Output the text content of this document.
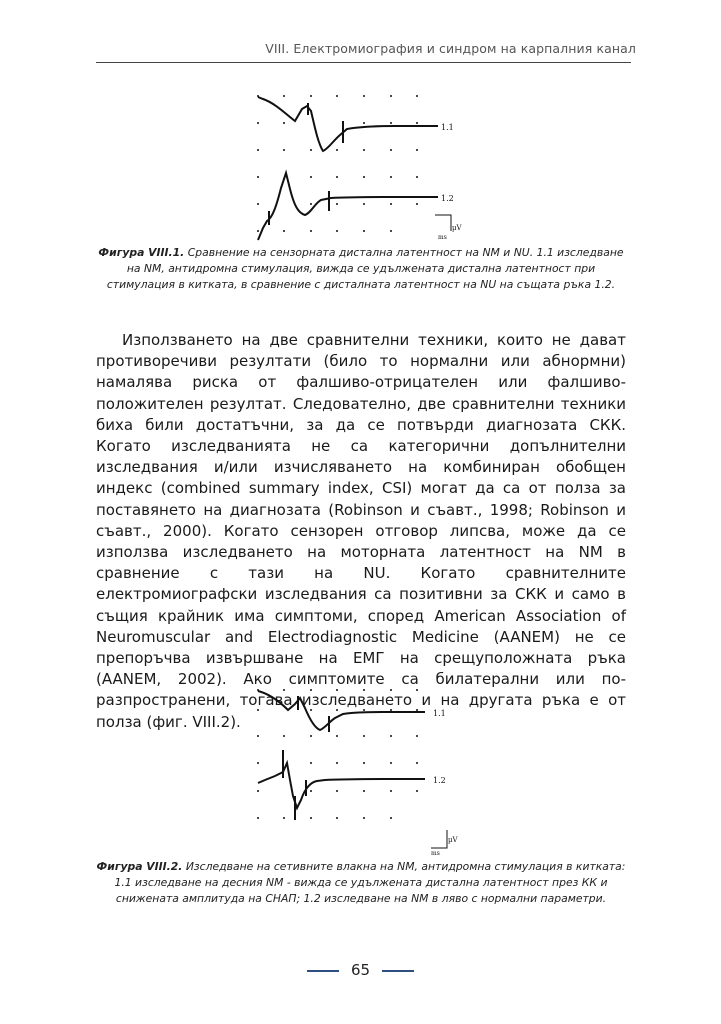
VIII. Електромиография и синдром на карпалния канал
1.1
1.2
µV
ms
Фигура VIII.1. Сравнение на сензорната дистална латентност на NM и NU. 1.1 изследване на NM, антидромна стимулация, вижда се удължената дистална латентност при стимулация в китката, в сравнение с дисталната латентност на NU на същата ръка 1.2.
Използването на две сравнителни техники, които не дават противоречиви резултати (било то нормални или абнормни) намалява риска от фалшиво-отрицателен или фалшиво-положителен резултат. Следователно, две сравнителни техники биха били достатъчни, за да се потвърди диагнозата СКК. Когато изследванията не са категорични допълнителни изследвания и/или изчисляването на комбиниран обобщен индекс (combined summary index, CSI) могат да са от полза за поставянето на диагнозата (Robinson и съавт., 1998; Robinson и съавт., 2000). Когато сензорен отговор липсва, може да се използва изследването на моторната латентност на NM в сравнение с тази на NU. Когато сравнителните електромиографски изследвания са позитивни за СКК и само в същия крайник има симптоми, според American Association of Neuromuscular and Electrodiagnostic Medicine (AANEM) не се препоръчва извършване на ЕМГ на срещуположната ръка (AANEM, 2002). Ако симптомите са билатерални или по-разпространени, тогава изследването и на другата ръка е от полза (фиг. VIII.2).	1.1
1.2
µV
ms
Фигура VIII.2. Изследване на сетивните влакна на NM, антидромна стимулация в китката: 1.1 изследване на десния NM - вижда се удължената дистална латентност през КК и снижената амплитуда на СНАП; 1.2 изследване на NM в ляво с нормални параметри.
65
